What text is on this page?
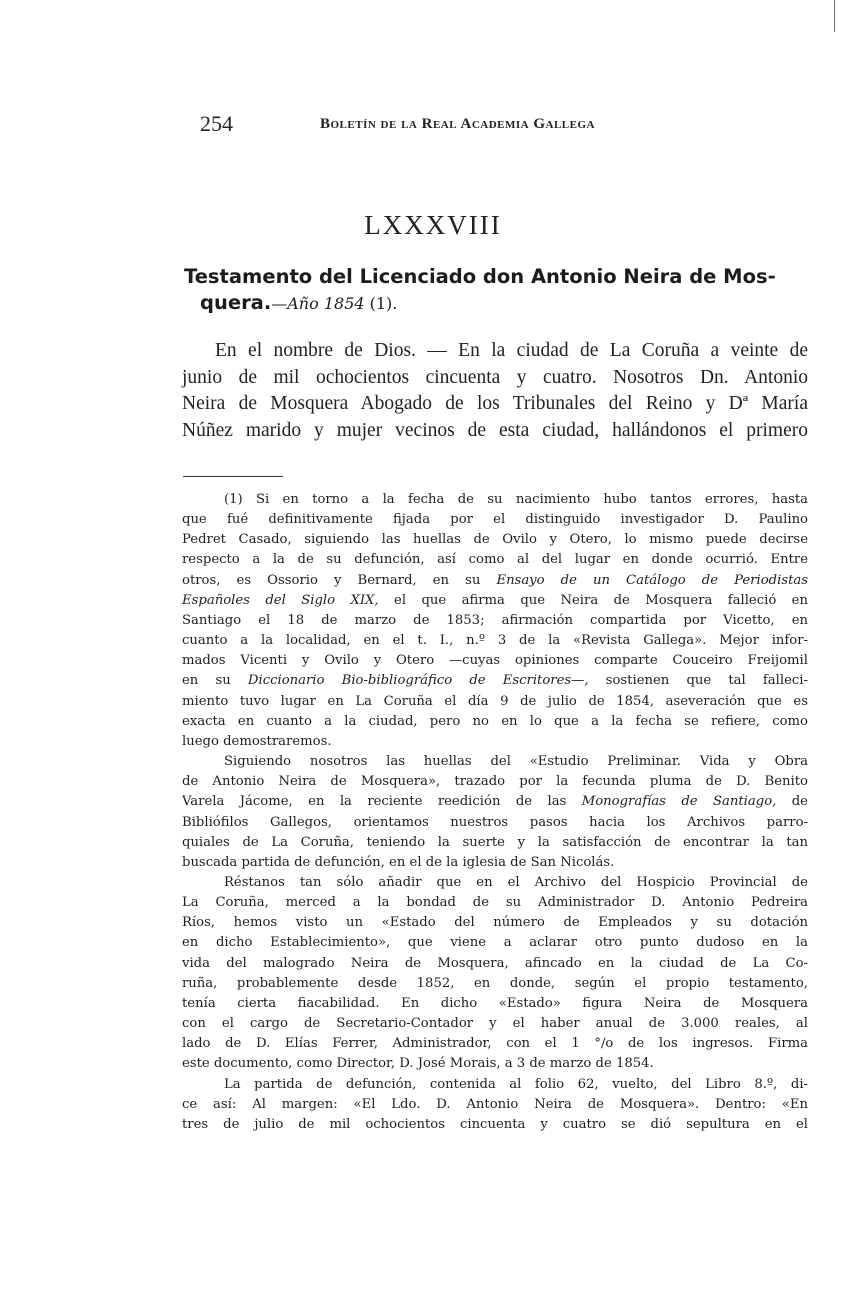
254	Boletín de la Real Academia Gallega
LXXXVIII
Testamento del Licenciado don Antonio Neira de Mos-
quera.—Año 1854 (1).
En el nombre de Dios. — En la ciudad de La Coruña a veinte de
junio de mil ochocientos cincuenta y cuatro. Nosotros Dn. Antonio
Neira de Mosquera Abogado de los Tribunales del Reino y Dª María
Núñez marido y mujer vecinos de esta ciudad, hallándonos el primero
(1) Si en torno a la fecha de su nacimiento hubo tantos errores, hasta
que fué definitivamente fijada por el distinguido investigador D. Paulino
Pedret Casado, siguiendo las huellas de Ovilo y Otero, lo mismo puede decirse
respecto a la de su defunción, así como al del lugar en donde ocurrió. Entre
otros, es Ossorio y Bernard, en su Ensayo de un Catálogo de Periodistas
Españoles del Siglo XIX, el que afirma que Neira de Mosquera falleció en
Santiago el 18 de marzo de 1853; afirmación compartida por Vicetto, en
cuanto a la localidad, en el t. I., n.º 3 de la «Revista Gallega». Mejor infor-
mados Vicenti y Ovilo y Otero —cuyas opiniones comparte Couceiro Freijomil
en su Diccionario Bio-bibliográfico de Escritores—, sostienen que tal falleci-
miento tuvo lugar en La Coruña el día 9 de julio de 1854, aseveración que es
exacta en cuanto a la ciudad, pero no en lo que a la fecha se refiere, como
luego demostraremos.
Siguiendo nosotros las huellas del «Estudio Preliminar. Vida y Obra
de Antonio Neira de Mosquera», trazado por la fecunda pluma de D. Benito
Varela Jácome, en la reciente reedición de las Monografías de Santiago, de
Bibliófilos Gallegos, orientamos nuestros pasos hacia los Archivos parro-
quiales de La Coruña, teniendo la suerte y la satisfacción de encontrar la tan
buscada partida de defunción, en el de la iglesia de San Nicolás.
Réstanos tan sólo añadir que en el Archivo del Hospicio Provincial de
La Coruña, merced a la bondad de su Administrador D. Antonio Pedreira
Ríos, hemos visto un «Estado del número de Empleados y su dotación
en dicho Establecimiento», que viene a aclarar otro punto dudoso en la
vida del malogrado Neira de Mosquera, afincado en la ciudad de La Co-
ruña, probablemente desde 1852, en donde, según el propio testamento,
tenía cierta fiacabilidad. En dicho «Estado» figura Neira de Mosquera
con el cargo de Secretario-Contador y el haber anual de 3.000 reales, al
lado de D. Elías Ferrer, Administrador, con el 1 °/o de los ingresos. Firma
este documento, como Director, D. José Morais, a 3 de marzo de 1854.
La partida de defunción, contenida al folio 62, vuelto, del Libro 8.º, di-
ce así: Al margen: «El Ldo. D. Antonio Neira de Mosquera». Dentro: «En
tres de julio de mil ochocientos cincuenta y cuatro se dió sepultura en el
